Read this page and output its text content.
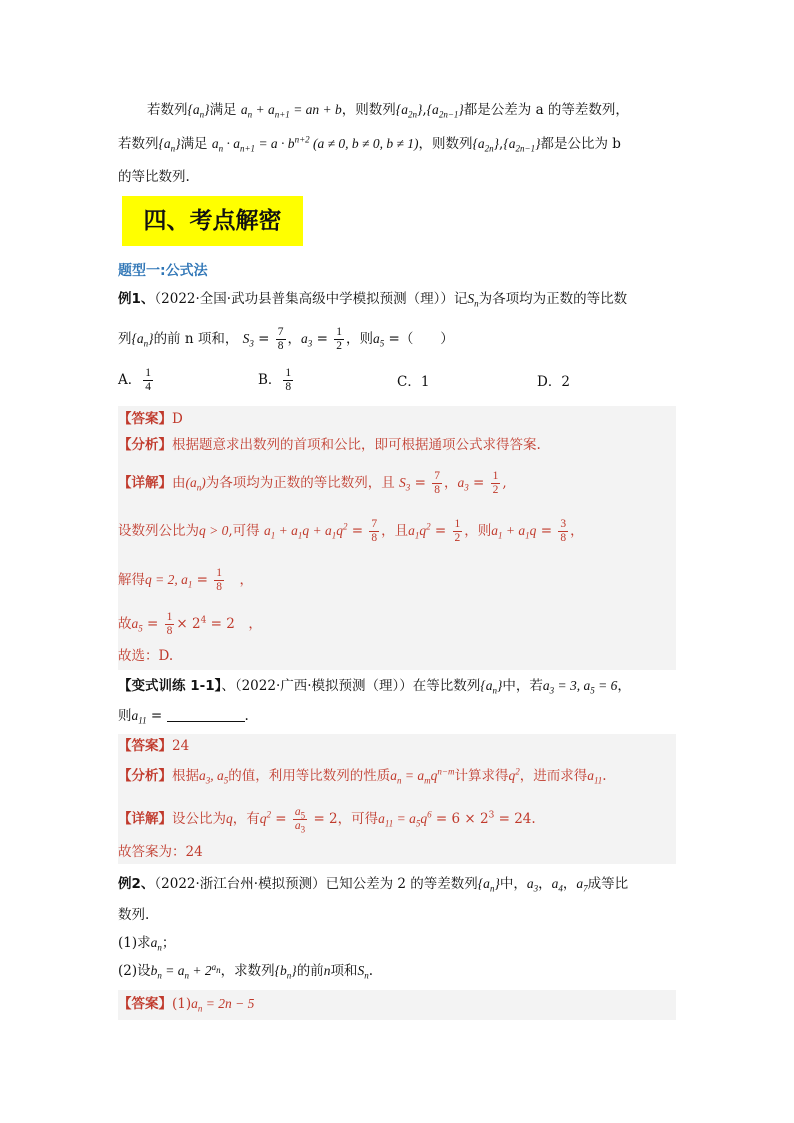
若数列$\{a_n\}$满足 $a_n + a_{n+1}$ = an + b，则数列$\{a_{2n}\},\{a_{2n-1}\}$都是公差为 a 的等差数列，
若数列$\{a_n\}$满足 $a_n \cdot a_{n+1} = a \cdot b^{n+2}$ (a ≠ 0, b ≠ 0, b ≠ 1)，则数列$\{a_{2n}\},\{a_{2n-1}\}$都是公比为 b
的等比数列.
四、考点解密
题型一:公式法
例1、（2022·全国·武功县普集高级中学模拟预测（理））记$S_n$为各项均为正数的等比数
列$\{a_n\}$的前 n 项和， $S_3 = \frac{7}{8}$ ，$a_3 = \frac{1}{2}$ ，则$a_5$ =（　　）
A． $\frac{1}{4}$	B． $\frac{1}{8}$	C．1	D．2
【答案】D
【分析】根据题意求出数列的首项和公比，即可根据通项公式求得答案.
【详解】由$(a_n)$为各项均为正数的等比数列，且 $S_3 = \frac{7}{8}$ ，$a_3 = \frac{1}{2}$ ,
设数列公比为q > 0,可得 $a_1 + a_1q + a_1q^2 = \frac{7}{8}$ ，且$a_1q^2 = \frac{1}{2}$ ，则$a_1 + a_1q = \frac{3}{8}$ ，
解得q = 2, $a_1 = \frac{1}{8}$ 　，
故$a_5 = \frac{1}{8} \times 2^4 = 2$　，
故选：D.
【变式训练 1-1】、（2022·广西·模拟预测（理））在等比数列$\{a_n\}$中，若$a_3 = 3$, $a_5 = 6$，
则$a_{11}$ =	.
【答案】24
【分析】根据$a_3$, $a_5$的值，利用等比数列的性质$a_n = a_mq^{n-m}$计算求得$q^2$，进而求得$a_{11}$.
【详解】设公比为q，有$q^2 = \frac{a_5}{a_3} = 2$，可得$a_{11} = a_5q^6 = 6 \times 2^3 = 24$.
故答案为：24
例2、（2022·浙江台州·模拟预测）已知公差为 2 的等差数列$\{a_n\}$中，$a_3$，$a_4$，$a_7$成等比
数列.
(1)求$a_n$；
(2)设$b_n = a_n + 2^{a_n}$，求数列$\{b_n\}$的前n项和$S_n$.
【答案】$(1)a_n = 2n - 5$
